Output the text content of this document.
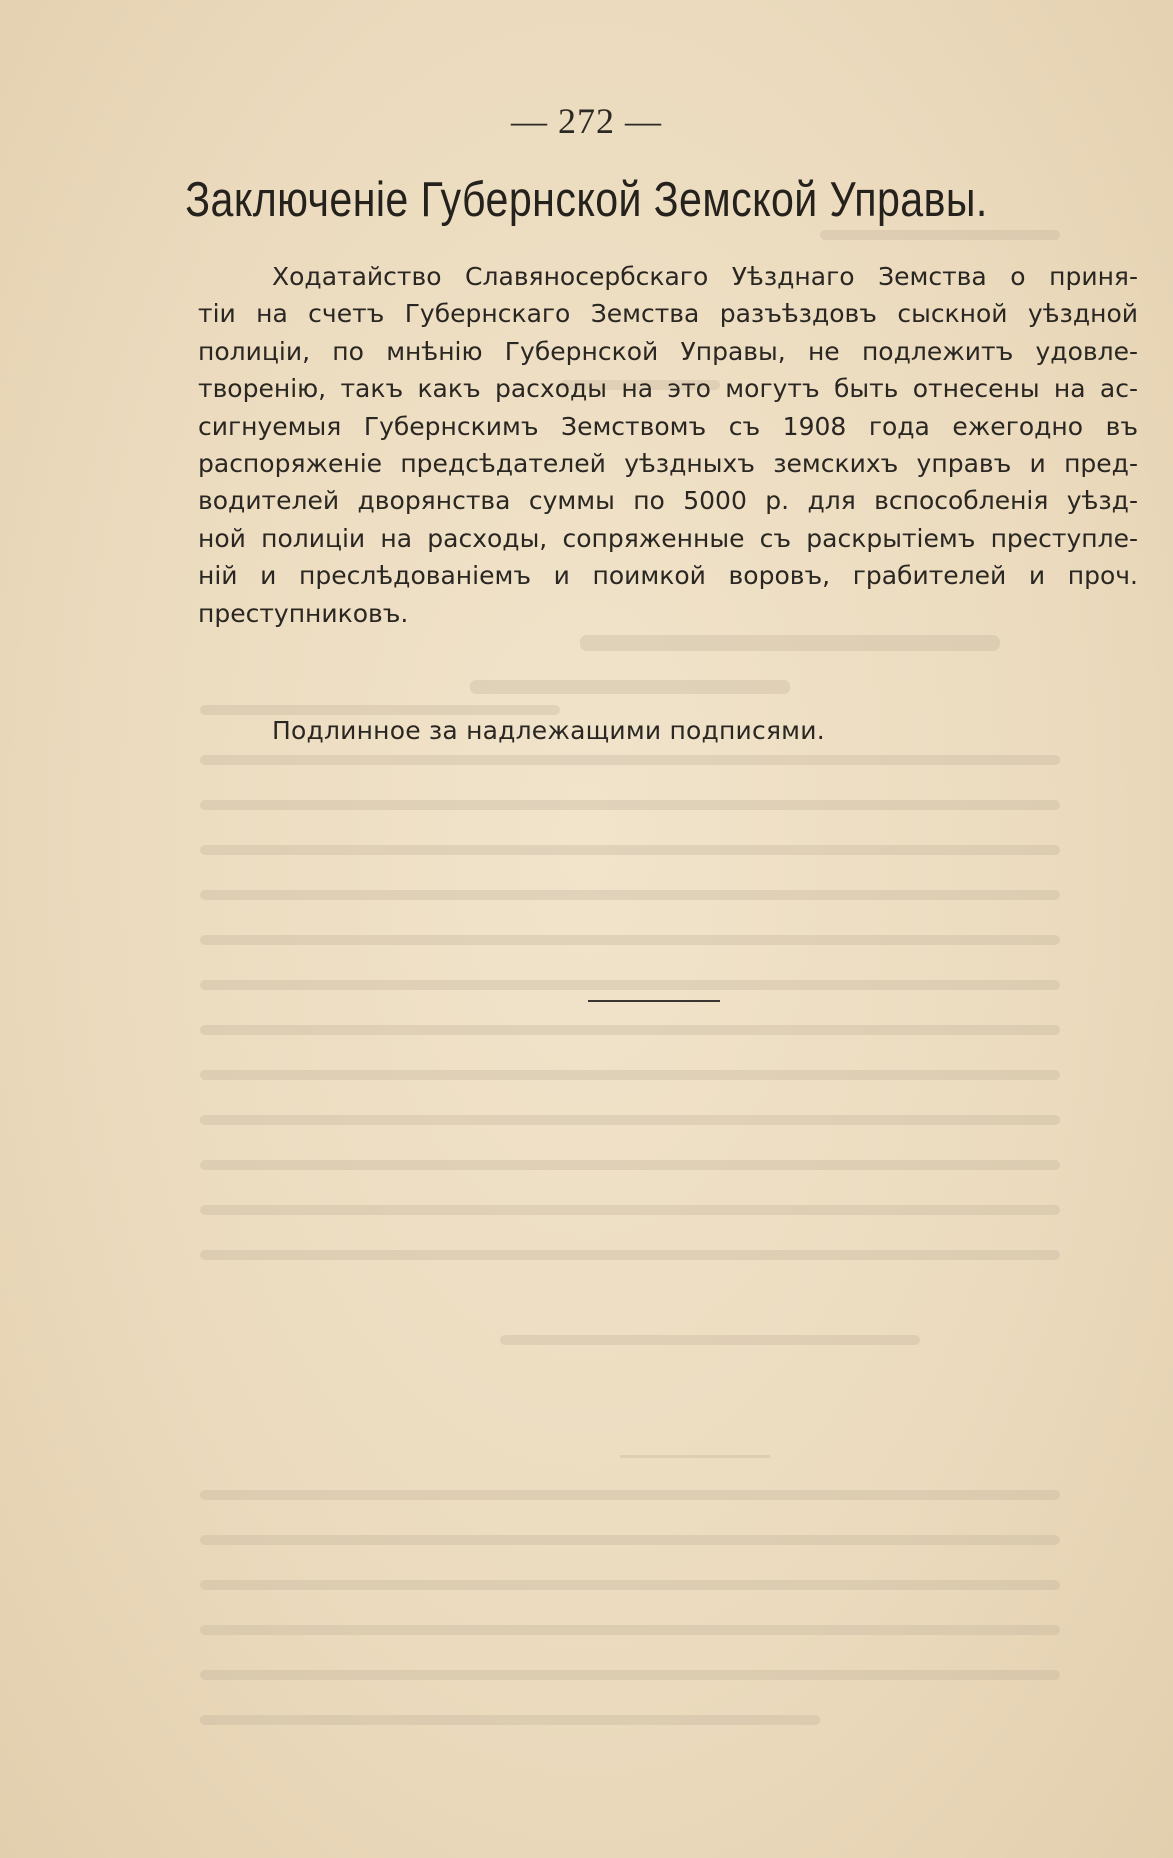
— 272 —
Заключеніе Губернской Земской Управы.
Ходатайство Славяносербскаго Уѣзднаго Земства о приня-
тіи на счетъ Губернскаго Земства разъѣздовъ сыскной уѣздной
полиціи, по мнѣнію Губернской Управы, не подлежитъ удовле-
творенію, такъ какъ расходы на это могутъ быть отнесены на ас-
сигнуемыя Губернскимъ Земствомъ съ 1908 года ежегодно въ
распоряженіе предсѣдателей уѣздныхъ земскихъ управъ и пред-
водителей дворянства суммы по 5000 р. для вспособленія уѣзд-
ной полиціи на расходы, сопряженные съ раскрытіемъ преступле-
ній и преслѣдованіемъ и поимкой воровъ, грабителей и проч.
преступниковъ.
Подлинное за надлежащими подписями.
